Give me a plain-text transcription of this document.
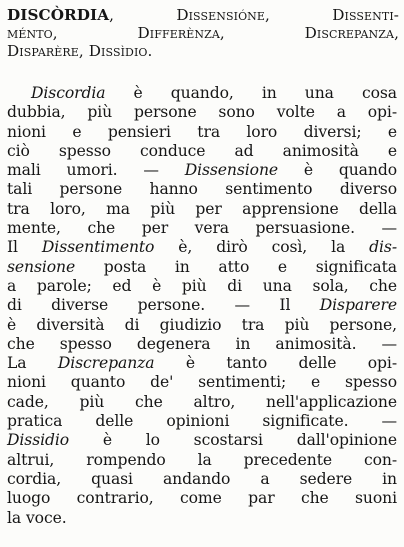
DISCÒRDIA, Dissensióne, Dissenti-
ménto, Differènza, Discrepanza,
Disparère, Dissìdio.
Discordia è quando, in una cosa
dubbia, più persone sono volte a opi-
nioni e pensieri tra loro diversi; e
ciò spesso conduce ad animosità e
mali umori. — Dissensione è quando
tali persone hanno sentimento diverso
tra loro, ma più per apprensione della
mente, che per vera persuasione. —
Il Dissentimento è, dirò così, la dis-
sensione posta in atto e significata
a parole; ed è più di una sola, che
di diverse persone. — Il Disparere
è diversità di giudizio tra più persone,
che spesso degenera in animosità. —
La Discrepanza è tanto delle opi-
nioni quanto de' sentimenti; e spesso
cade, più che altro, nell'applicazione
pratica delle opinioni significate. —
Dissidio è lo scostarsi dall'opinione
altrui, rompendo la precedente con-
cordia, quasi andando a sedere in
luogo contrario, come par che suoni
la voce.
